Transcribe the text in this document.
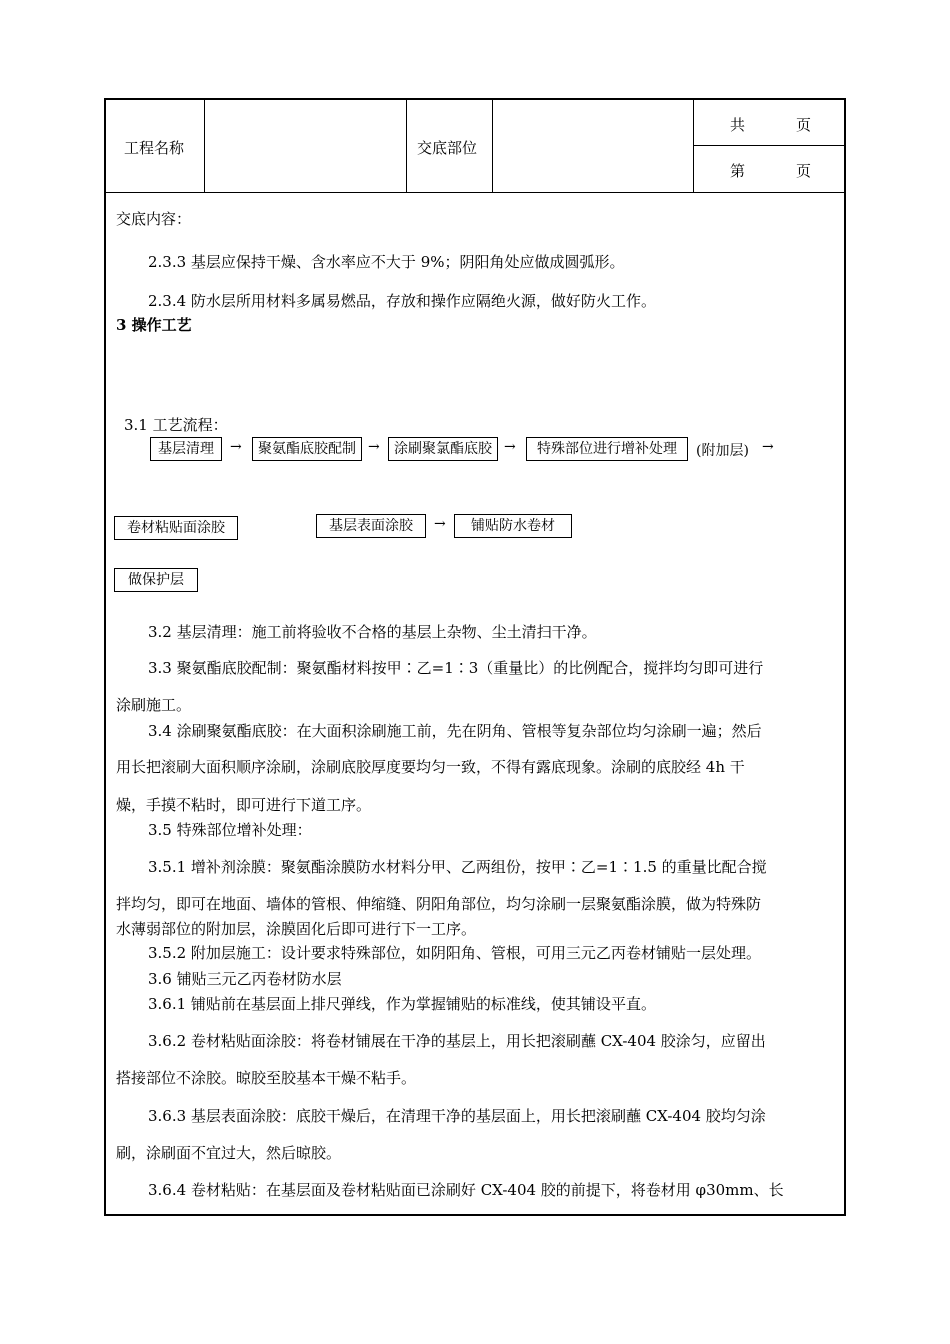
工程名称	交底部位
共	页
第	页
交底内容：
2.3.3 基层应保持干燥、含水率应不大于 9%；阴阳角处应做成圆弧形。
2.3.4 防水层所用材料多属易燃品，存放和操作应隔绝火源，做好防火工作。
3 操作工艺
3.1 工艺流程：
基层清理	→	聚氨酯底胶配制 →	涂刷聚氯酯底胶 →	特殊部位进行增补处理	(附加层) →
卷材粘贴面涂胶	基层表面涂胶	→	铺贴防水卷材
做保护层
3.2 基层清理：施工前将验收不合格的基层上杂物、尘土清扫干净。
3.3 聚氨酯底胶配制：聚氨酯材料按甲∶乙=1∶3（重量比）的比例配合，搅拌均匀即可进行
涂刷施工。
3.4 涂刷聚氨酯底胶：在大面积涂刷施工前，先在阴角、管根等复杂部位均匀涂刷一遍；然后
用长把滚刷大面积顺序涂刷，涂刷底胶厚度要均匀一致，不得有露底现象。涂刷的底胶经 4h 干
燥，手摸不粘时，即可进行下道工序。
3.5 特殊部位增补处理：
3.5.1 增补剂涂膜：聚氨酯涂膜防水材料分甲、乙两组份，按甲∶乙=1∶1.5 的重量比配合搅
拌均匀，即可在地面、墙体的管根、伸缩缝、阴阳角部位，均匀涂刷一层聚氨酯涂膜，做为特殊防
水薄弱部位的附加层，涂膜固化后即可进行下一工序。
3.5.2 附加层施工：设计要求特殊部位，如阴阳角、管根，可用三元乙丙卷材铺贴一层处理。
3.6 铺贴三元乙丙卷材防水层
3.6.1 铺贴前在基层面上排尺弹线，作为掌握铺贴的标准线，使其铺设平直。
3.6.2 卷材粘贴面涂胶：将卷材铺展在干净的基层上，用长把滚刷蘸 CX-404 胶涂匀，应留出
搭接部位不涂胶。晾胶至胶基本干燥不粘手。
3.6.3 基层表面涂胶：底胶干燥后，在清理干净的基层面上，用长把滚刷蘸 CX-404 胶均匀涂
刷，涂刷面不宜过大，然后晾胶。
3.6.4 卷材粘贴：在基层面及卷材粘贴面已涂刷好 CX-404 胶的前提下，将卷材用 φ30mm、长
